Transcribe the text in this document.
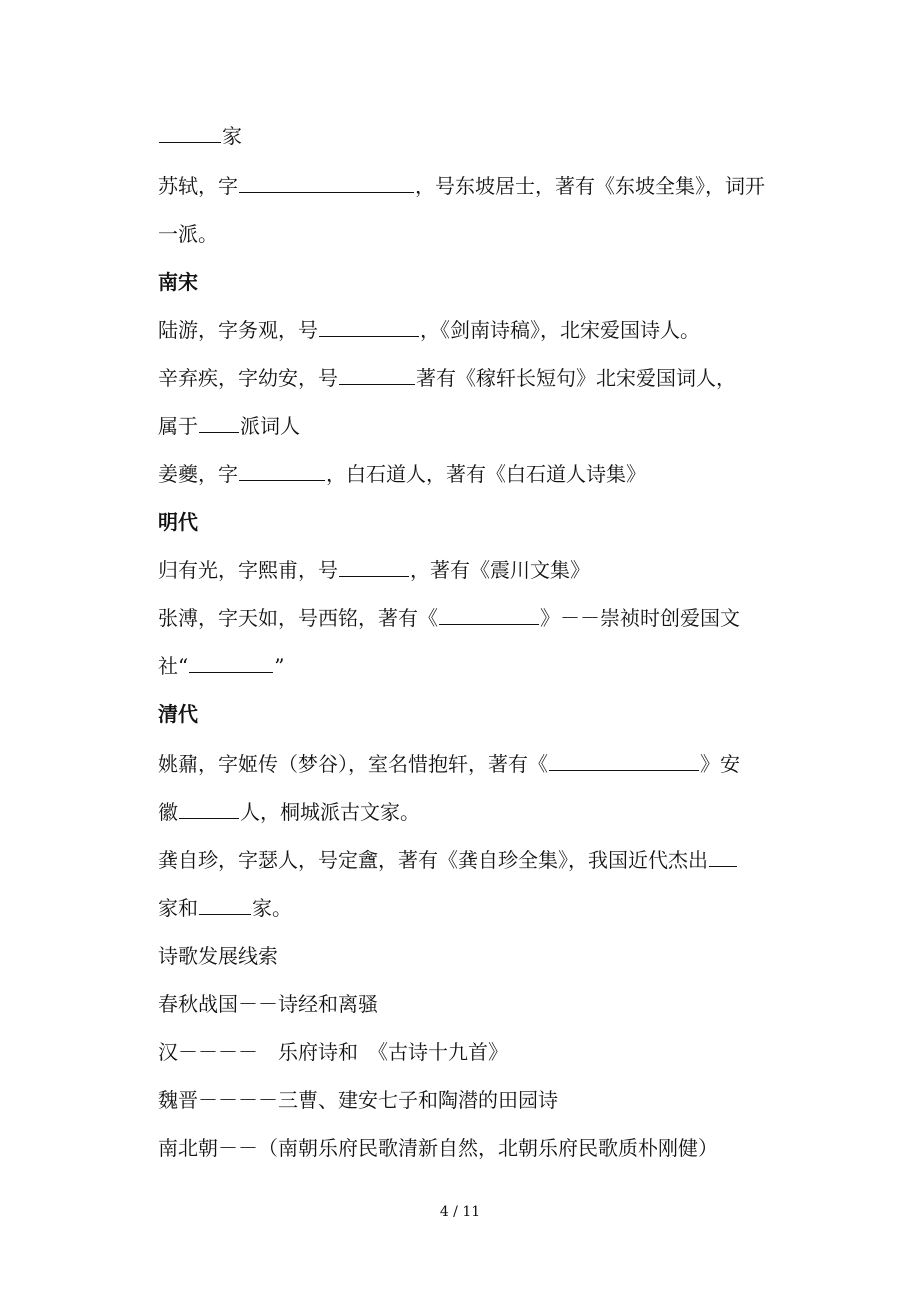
家
苏轼，字	，号东坡居士，著有《东坡全集》，词开
一派。
南宋
陆游，字务观，号	，《剑南诗稿》，北宋爱国诗人。
辛弃疾，字幼安，号	著有《稼轩长短句》北宋爱国词人，
属于 派词人
姜夔，字	，白石道人，著有《白石道人诗集》
明代
归有光，字熙甫，号	，著有《震川文集》
张溥，字天如，号西铭，著有《	》－－崇祯时创爱国文
社“	”
清代
姚鼐，字姬传（梦谷），室名惜抱轩，著有《	》安
徽	人，桐城派古文家。
龚自珍，字瑟人，号定盦，著有《龚自珍全集》，我国近代杰出
家和	家。
诗歌发展线索
春秋战国－－诗经和离骚
汉－－－－　乐府诗和　《古诗十九首》
魏晋－－－－三曹、建安七子和陶潜的田园诗
南北朝－－（南朝乐府民歌清新自然，北朝乐府民歌质朴刚健）
4 / 11
